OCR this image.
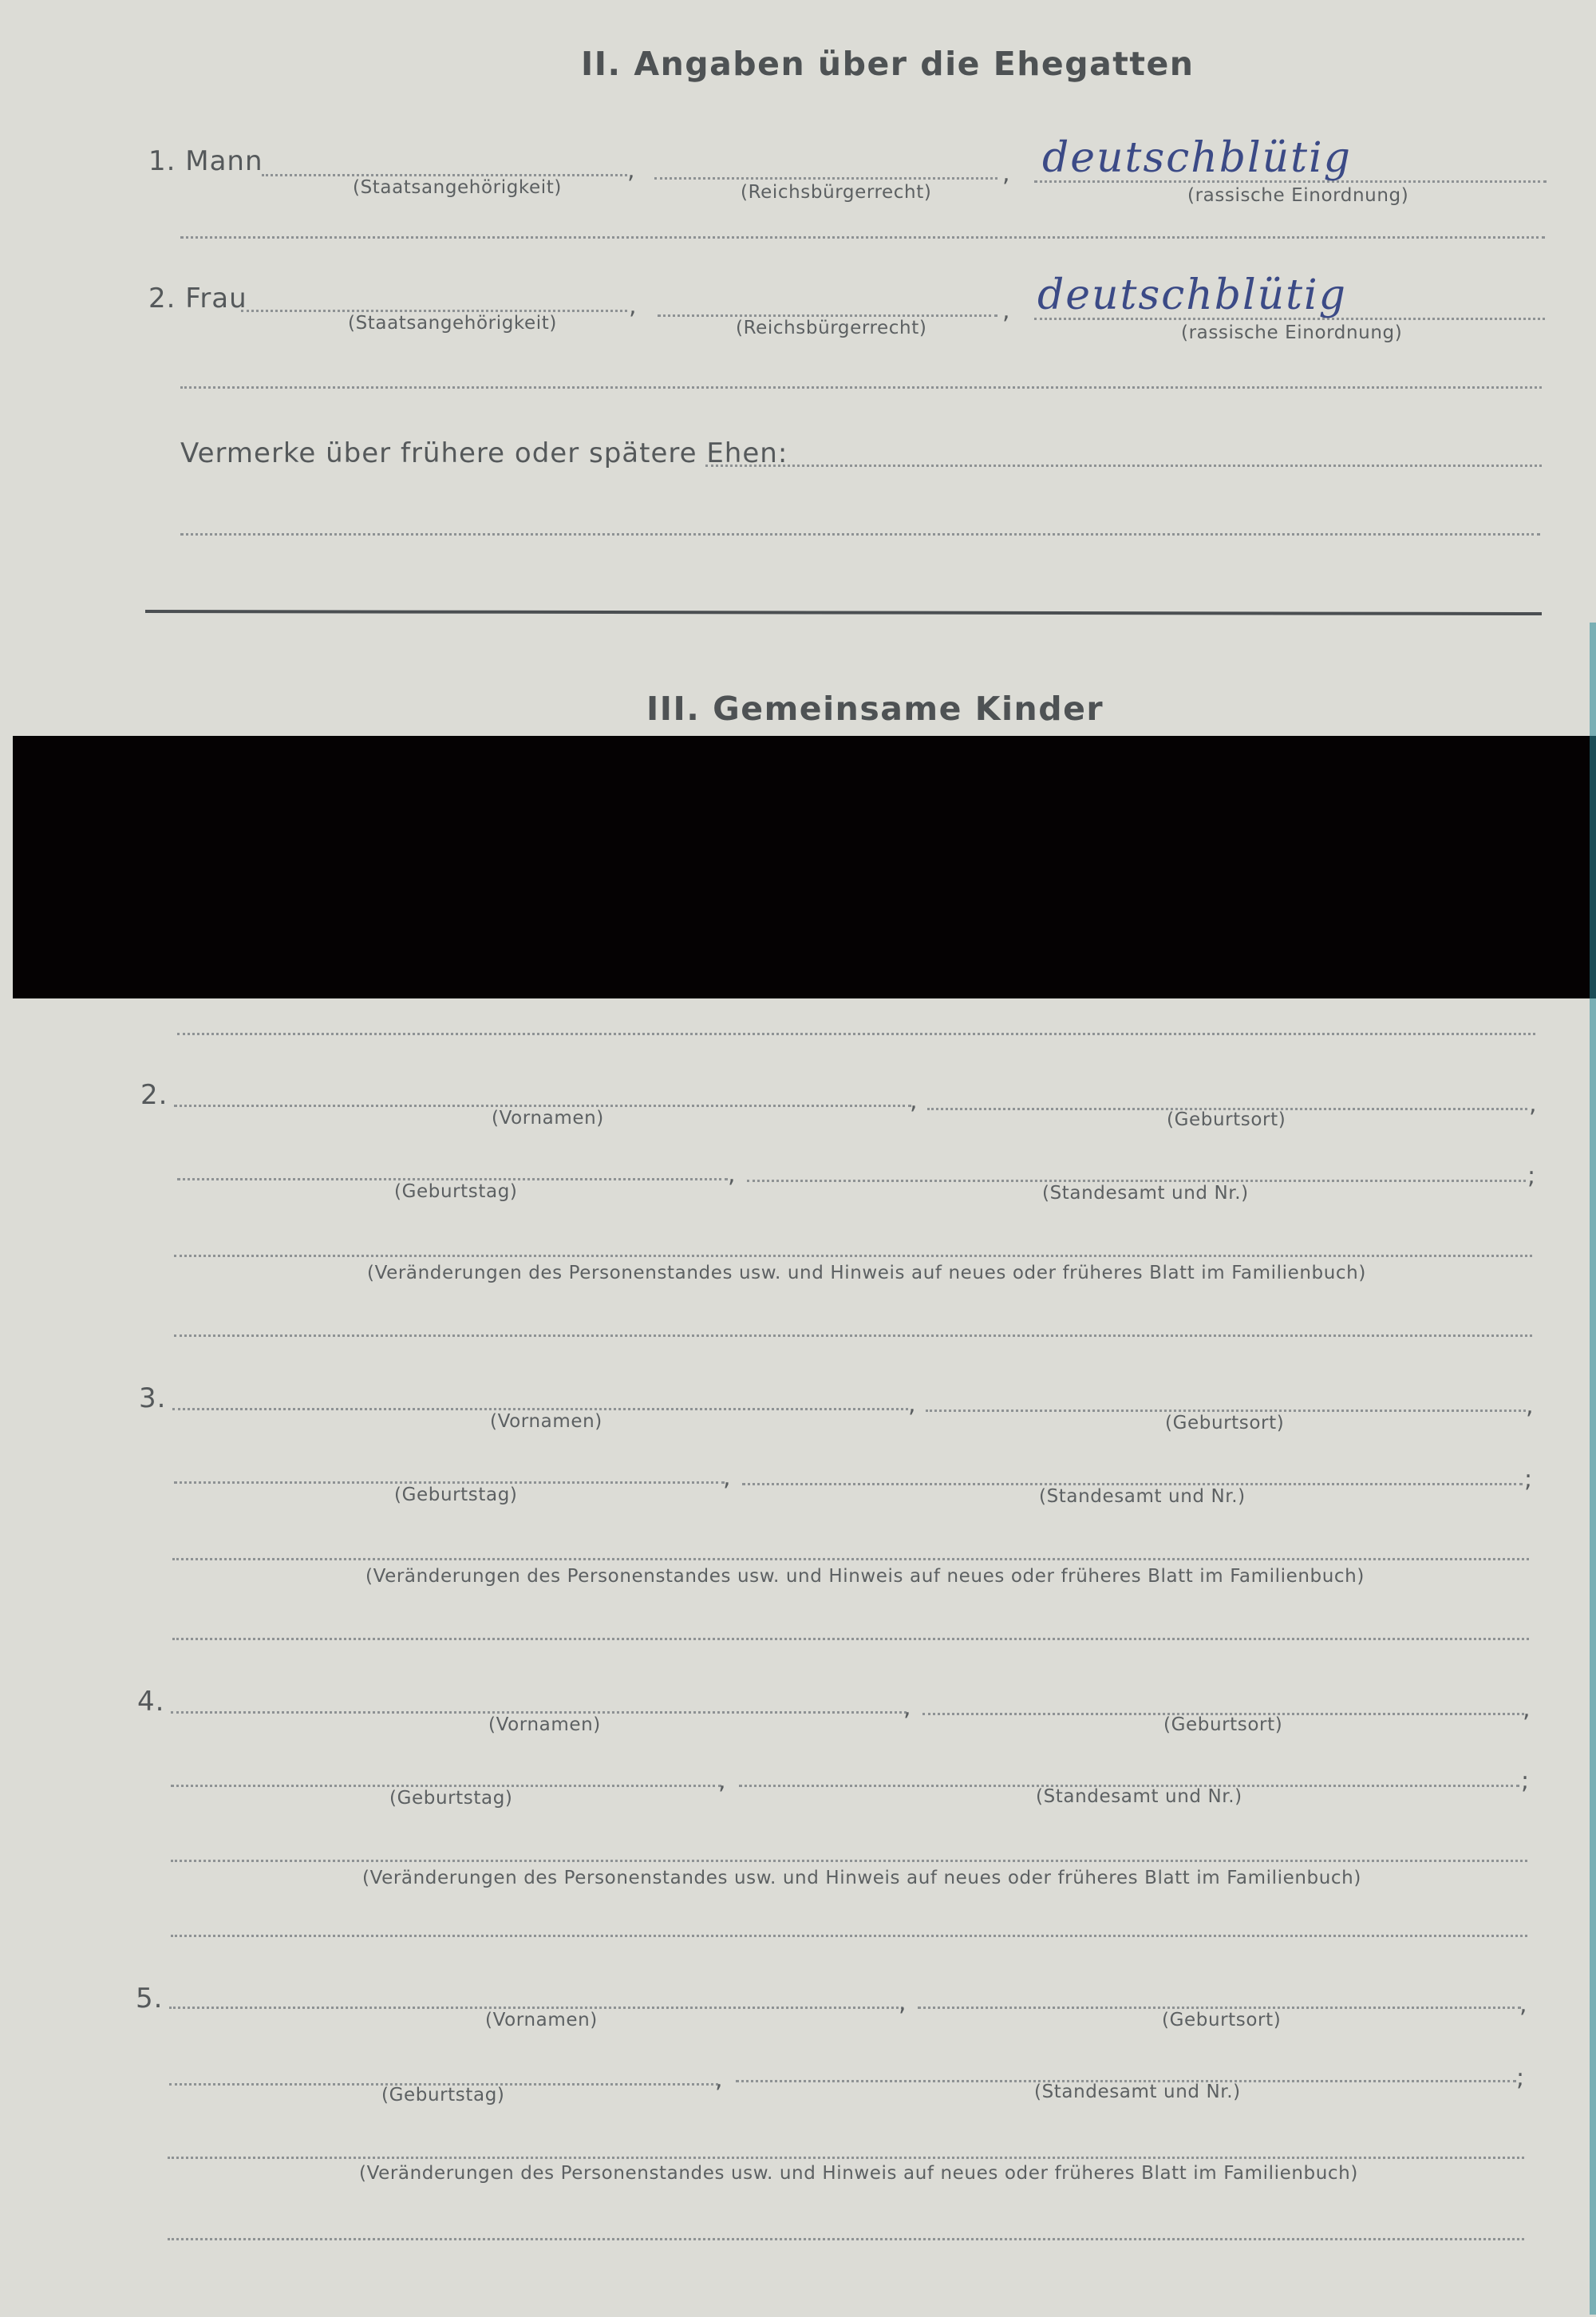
II. Angaben über die Ehegatten
1. Mann	,	, deutschblütig
(Staatsangehörigkeit)	(Reichsbürgerrecht)	(rassische Einordnung)
2. Frau	,	, deutschblütig
(Staatsangehörigkeit)	(Reichsbürgerrecht)	(rassische Einordnung)
Vermerke über frühere oder spätere Ehen:
III. Gemeinsame Kinder
2.	,	,
(Vornamen)	(Geburtsort)
,	;
(Geburtstag)	(Standesamt und Nr.)
(Veränderungen des Personenstandes usw. und Hinweis auf neues oder früheres Blatt im Familienbuch)
3.	,	,
(Vornamen)	(Geburtsort)
,	;
(Geburtstag)	(Standesamt und Nr.)
(Veränderungen des Personenstandes usw. und Hinweis auf neues oder früheres Blatt im Familienbuch)
4.	,	,
(Vornamen)	(Geburtsort)
,	;
(Geburtstag)	(Standesamt und Nr.)
(Veränderungen des Personenstandes usw. und Hinweis auf neues oder früheres Blatt im Familienbuch)
5.	,	,
(Vornamen)	(Geburtsort)
,	;
(Geburtstag)	(Standesamt und Nr.)
(Veränderungen des Personenstandes usw. und Hinweis auf neues oder früheres Blatt im Familienbuch)
